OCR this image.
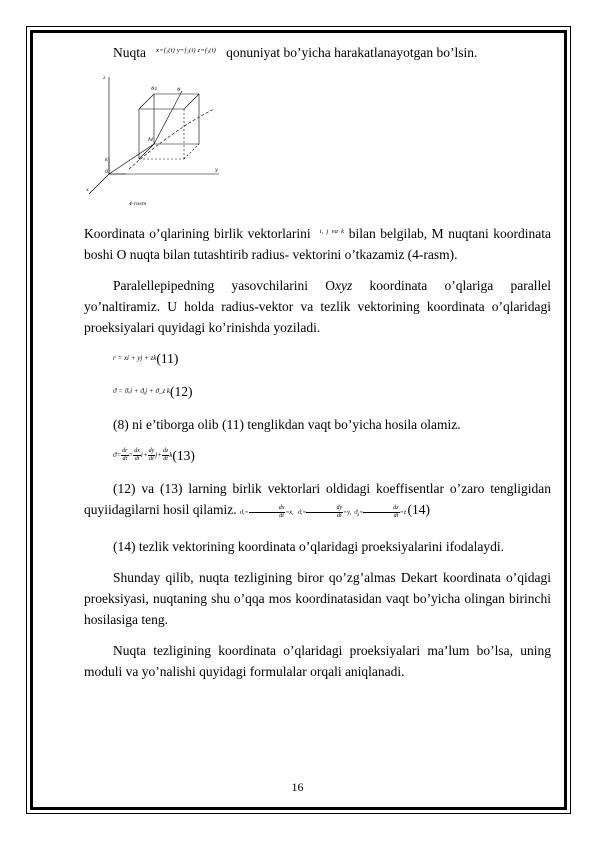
Nuqta $^{x=f_1(t) y=f_2(t) z=f_3(t)}$ qonuniyat bo’yicha harakatlanayotgan bo’lsin.

z
y
x
ϑz	ϑ
M
0
k
4-rasm

Koordinata o’qlarining birlik vektorlarini $^{i, j va k}$ bilan belgilab, M nuqtani koordinata boshi O nuqta bilan tutashtirib radius- vektorini o’tkazamiz (4-rasm).

Paralellepipedning yasovchilarini Oxyz koordinata o’qlariga parallel yo’naltiramiz. U holda radius-vektor va tezlik vektorining koordinata o’qlaridagi proeksiyalari quyidagi ko’rinishda yoziladi.

r = xi + yj + zk (11)
ϑ = ϑₓi + ϑᵧj + ϑ_z k (12)

(8) ni e’tiborga olib (11) tenglikdan vaqt bo’yicha hosila olamiz.

$ϑ= \frac{dr}{dt} = \frac{dx}{dt} i+ \frac{dy}{dt} j+ \frac{dz}{dt}$ k (13)

(12) va (13) larning birlik vektorlari oldidagi koeffisentlar o’zaro tengligidan quyiidagilarni hosil qilamiz. $ϑ_x= \frac{dx}{dt}$ =ẋ,   ϑᵧ= $\frac{dy}{dt}$ =ẏ,  $ϑ_z= \frac{dz}{dt}$ =ż (14)

(14) tezlik vektorining koordinata o’qlaridagi proeksiyalarini ifodalaydi.

Shunday qilib, nuqta tezligining biror qo’zg’almas Dekart koordinata o’qidagi proeksiyasi, nuqtaning shu o’qqa mos koordinatasidan vaqt bo’yicha olingan birinchi hosilasiga teng.

Nuqta tezligining koordinata o’qlaridagi proeksiyalari ma’lum bo’lsa, uning moduli va yo’nalishi quyidagi formulalar orqali aniqlanadi.

16
